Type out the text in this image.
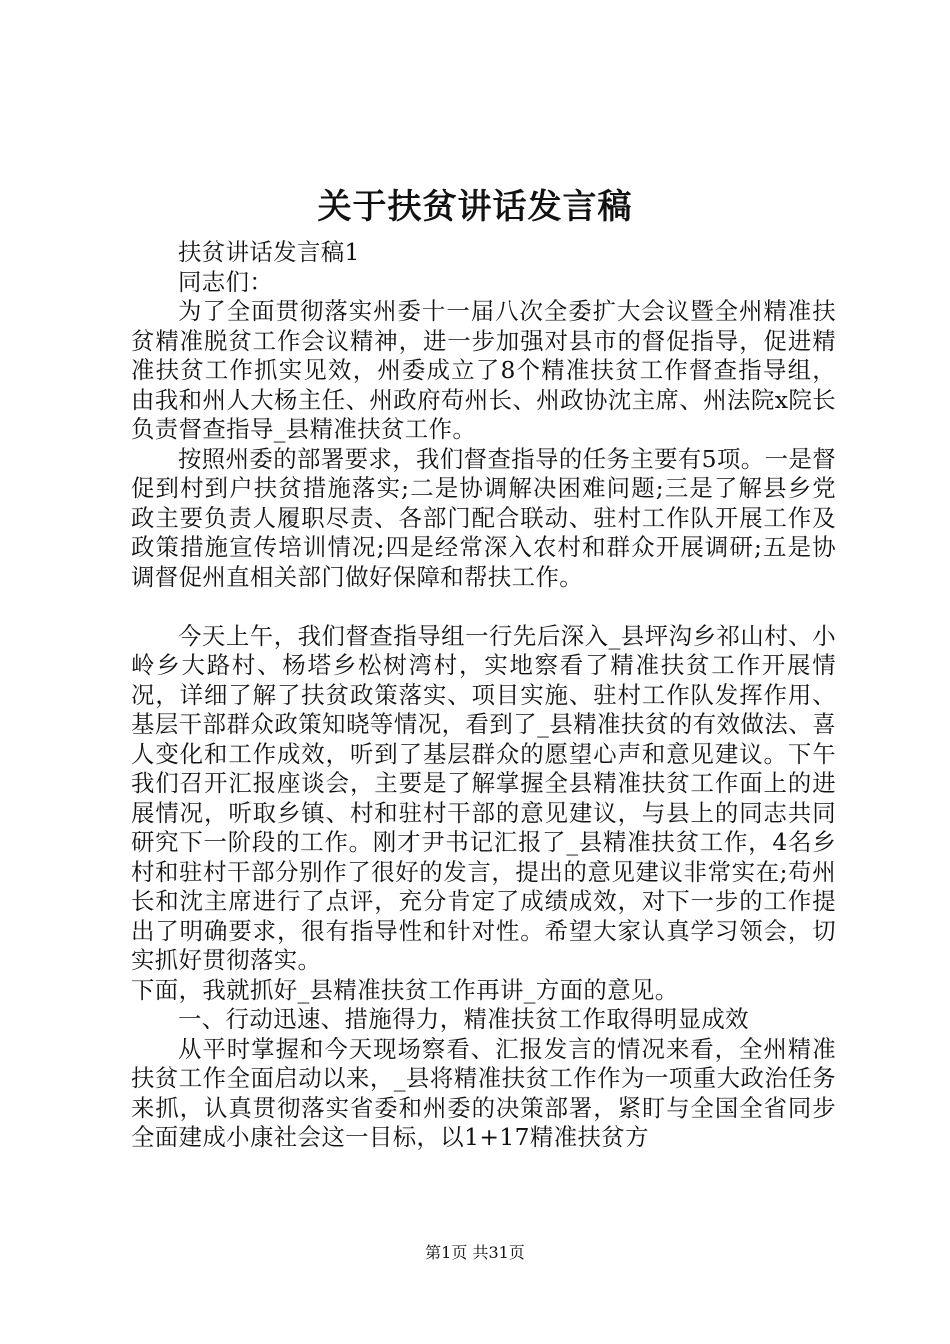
关于扶贫讲话发言稿

扶贫讲话发言稿1

同志们：

为了全面贯彻落实州委十一届八次全委扩大会议暨全州精准扶贫精准脱贫工作会议精神，进一步加强对县市的督促指导，促进精准扶贫工作抓实见效，州委成立了8个精准扶贫工作督查指导组，由我和州人大杨主任、州政府苟州长、州政协沈主席、州法院x院长负责督查指导_县精准扶贫工作。

按照州委的部署要求，我们督查指导的任务主要有5项。一是督促到村到户扶贫措施落实;二是协调解决困难问题;三是了解县乡党政主要负责人履职尽责、各部门配合联动、驻村工作队开展工作及政策措施宣传培训情况;四是经常深入农村和群众开展调研;五是协调督促州直相关部门做好保障和帮扶工作。

今天上午，我们督查指导组一行先后深入_县坪沟乡祁山村、小岭乡大路村、杨塔乡松树湾村，实地察看了精准扶贫工作开展情况，详细了解了扶贫政策落实、项目实施、驻村工作队发挥作用、基层干部群众政策知晓等情况，看到了_县精准扶贫的有效做法、喜人变化和工作成效，听到了基层群众的愿望心声和意见建议。下午我们召开汇报座谈会，主要是了解掌握全县精准扶贫工作面上的进展情况，听取乡镇、村和驻村干部的意见建议，与县上的同志共同研究下一阶段的工作。刚才尹书记汇报了_县精准扶贫工作，4名乡村和驻村干部分别作了很好的发言，提出的意见建议非常实在;苟州长和沈主席进行了点评，充分肯定了成绩成效，对下一步的工作提出了明确要求，很有指导性和针对性。希望大家认真学习领会，切实抓好贯彻落实。

下面，我就抓好_县精准扶贫工作再讲_方面的意见。

一、行动迅速、措施得力，精准扶贫工作取得明显成效

从平时掌握和今天现场察看、汇报发言的情况来看，全州精准扶贫工作全面启动以来，_县将精准扶贫工作作为一项重大政治任务来抓，认真贯彻落实省委和州委的决策部署，紧盯与全国全省同步全面建成小康社会这一目标，以1+17精准扶贫方

第1页 共31页
